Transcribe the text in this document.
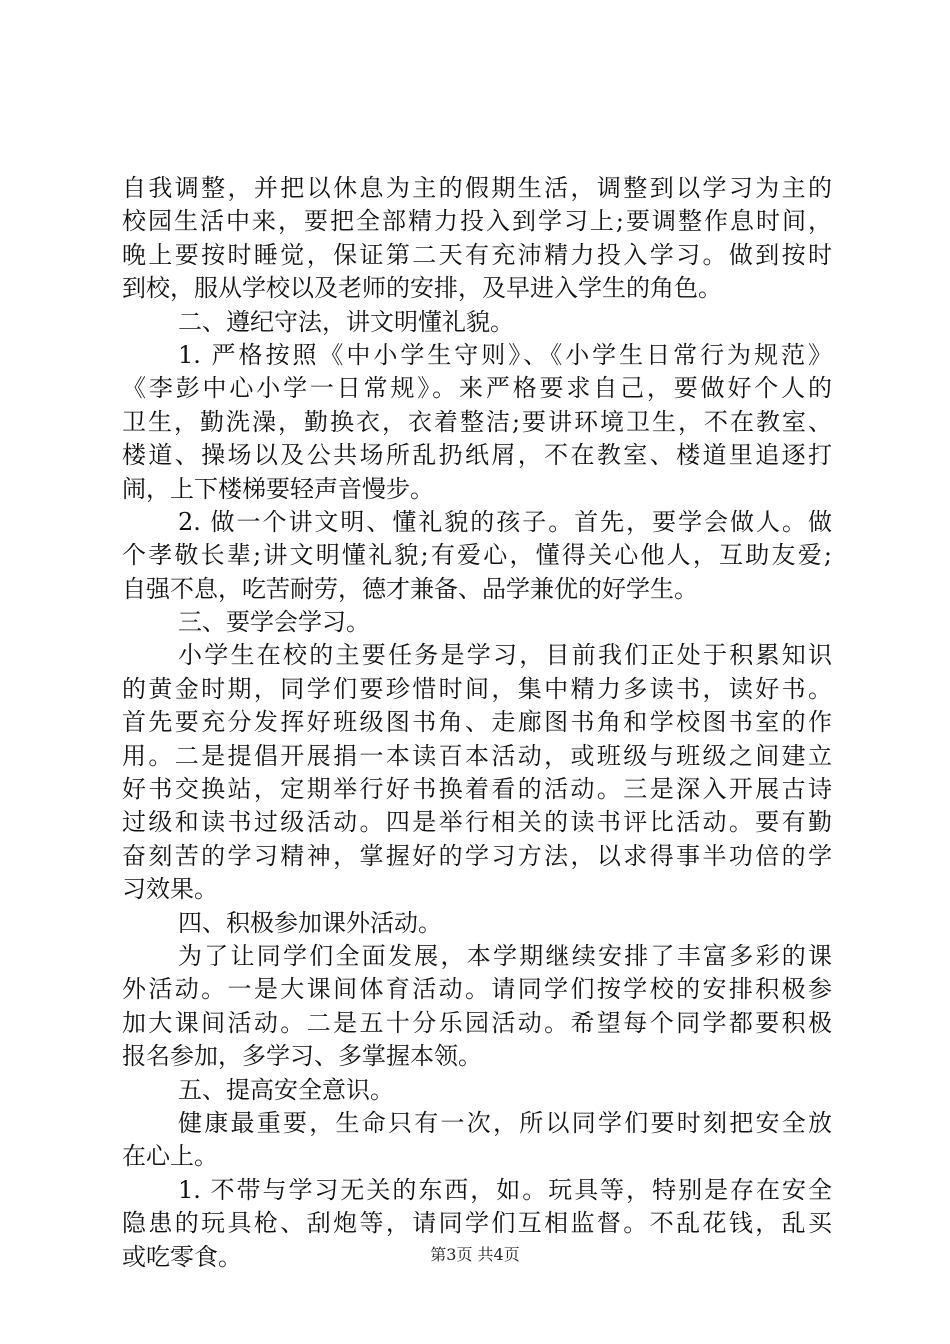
自我调整，并把以休息为主的假期生活，调整到以学习为主的
校园生活中来，要把全部精力投入到学习上;要调整作息时间，
晚上要按时睡觉，保证第二天有充沛精力投入学习。做到按时
到校，服从学校以及老师的安排，及早进入学生的角色。
二、遵纪守法，讲文明懂礼貌。
1. 严格按照《中小学生守则》、《小学生日常行为规范》
《李彭中心小学一日常规》。来严格要求自己，要做好个人的
卫生，勤洗澡，勤换衣，衣着整洁;要讲环境卫生，不在教室、
楼道、操场以及公共场所乱扔纸屑，不在教室、楼道里追逐打
闹，上下楼梯要轻声音慢步。
2. 做一个讲文明、懂礼貌的孩子。首先，要学会做人。做
个孝敬长辈;讲文明懂礼貌;有爱心，懂得关心他人，互助友爱;
自强不息，吃苦耐劳，德才兼备、品学兼优的好学生。
三、要学会学习。
小学生在校的主要任务是学习，目前我们正处于积累知识
的黄金时期，同学们要珍惜时间，集中精力多读书，读好书。
首先要充分发挥好班级图书角、走廊图书角和学校图书室的作
用。二是提倡开展捐一本读百本活动，或班级与班级之间建立
好书交换站，定期举行好书换着看的活动。三是深入开展古诗
过级和读书过级活动。四是举行相关的读书评比活动。要有勤
奋刻苦的学习精神，掌握好的学习方法，以求得事半功倍的学
习效果。
四、积极参加课外活动。
为了让同学们全面发展，本学期继续安排了丰富多彩的课
外活动。一是大课间体育活动。请同学们按学校的安排积极参
加大课间活动。二是五十分乐园活动。希望每个同学都要积极
报名参加，多学习、多掌握本领。
五、提高安全意识。
健康最重要，生命只有一次，所以同学们要时刻把安全放
在心上。
1. 不带与学习无关的东西，如。玩具等，特别是存在安全
隐患的玩具枪、刮炮等，请同学们互相监督。不乱花钱，乱买
或吃零食。	第3页 共4页
